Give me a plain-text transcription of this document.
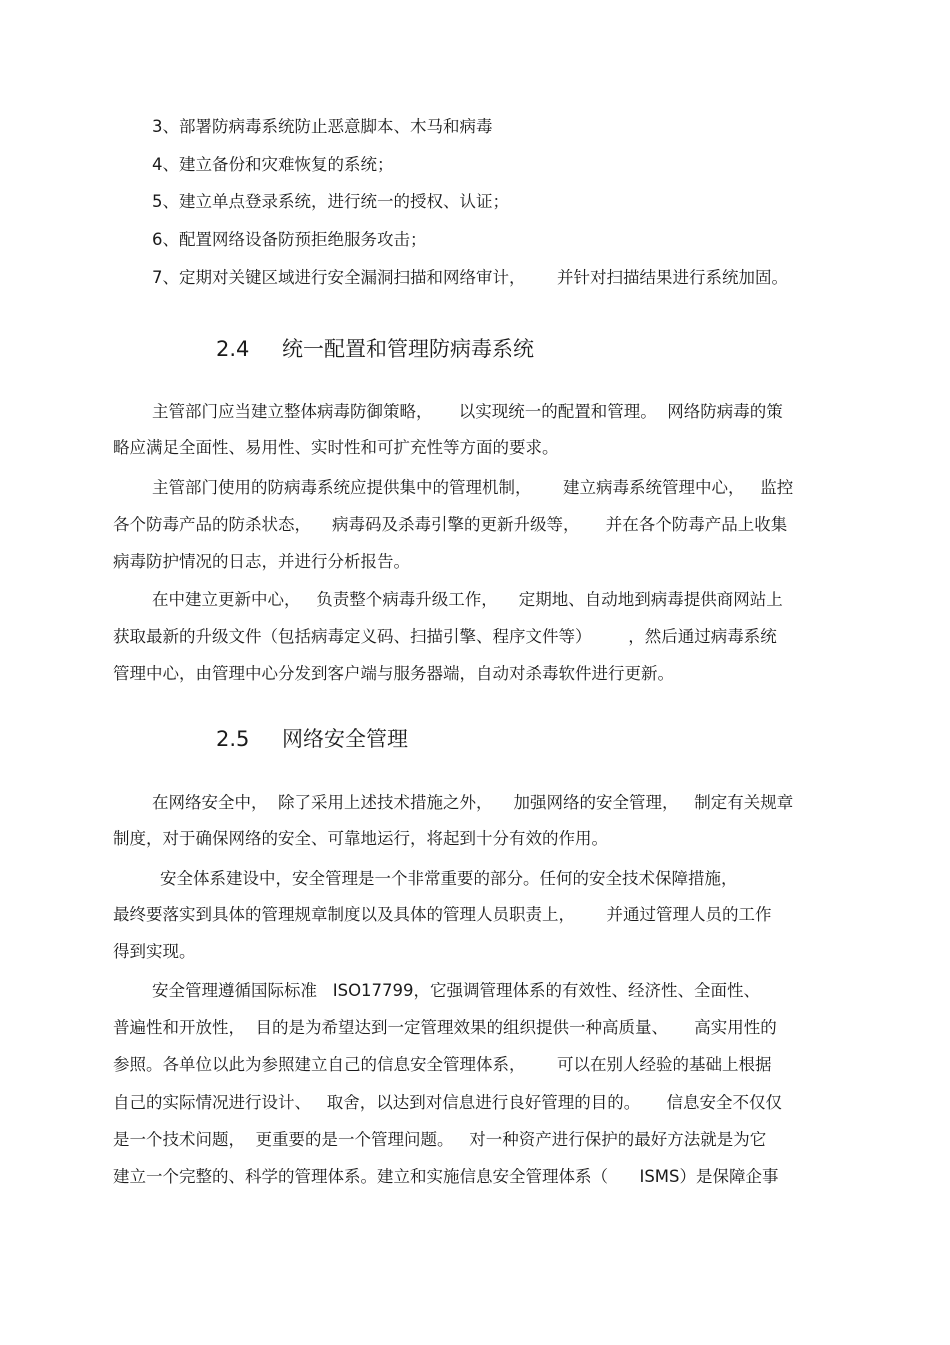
3、部署防病毒系统防止恶意脚本、木马和病毒
4、建立备份和灾难恢复的系统；
5、建立单点登录系统，进行统一的授权、认证；
6、配置网络设备防预拒绝服务攻击；
7、定期对关键区域进行安全漏洞扫描和网络审计，      并针对扫描结果进行系统加固。
2.4 统一配置和管理防病毒系统
主管部门应当建立整体病毒防御策略，     以实现统一的配置和管理。  网络防病毒的策
略应满足全面性、易用性、实时性和可扩充性等方面的要求。
主管部门使用的防病毒系统应提供集中的管理机制，      建立病毒系统管理中心，   监控
各个防毒产品的防杀状态，    病毒码及杀毒引擎的更新升级等，     并在各个防毒产品上收集
病毒防护情况的日志，并进行分析报告。
在中建立更新中心，   负责整个病毒升级工作，    定期地、自动地到病毒提供商网站上
获取最新的升级文件（包括病毒定义码、扫描引擎、程序文件等）       ，然后通过病毒系统
管理中心，由管理中心分发到客户端与服务器端，自动对杀毒软件进行更新。
2.5 网络安全管理
在网络安全中，  除了采用上述技术措施之外，    加强网络的安全管理，   制定有关规章
制度，对于确保网络的安全、可靠地运行，将起到十分有效的作用。
安全体系建设中，安全管理是一个非常重要的部分。任何的安全技术保障措施，
最终要落实到具体的管理规章制度以及具体的管理人员职责上，      并通过管理人员的工作
得到实现。
安全管理遵循国际标准   ISO17799，它强调管理体系的有效性、经济性、全面性、
普遍性和开放性，  目的是为希望达到一定管理效果的组织提供一种高质量、     高实用性的
参照。各单位以此为参照建立自己的信息安全管理体系，      可以在别人经验的基础上根据
自己的实际情况进行设计、   取舍，以达到对信息进行良好管理的目的。     信息安全不仅仅
是一个技术问题，  更重要的是一个管理问题。   对一种资产进行保护的最好方法就是为它
建立一个完整的、科学的管理体系。建立和实施信息安全管理体系（      ISMS）是保障企事
